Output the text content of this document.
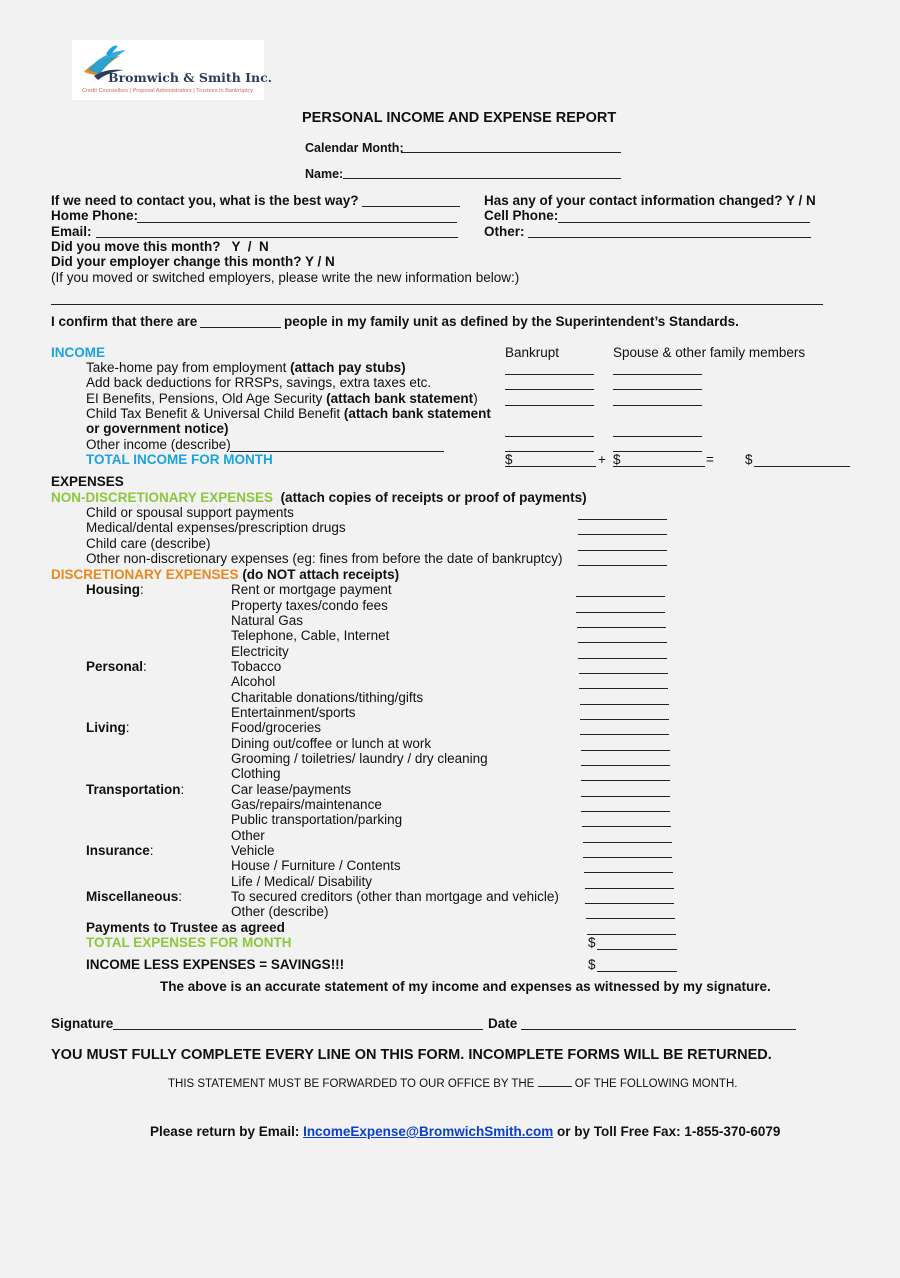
Bromwich & Smith Inc.
Credit Counsellors | Proposal Administrators | Trustees in Bankruptcy
PERSONAL INCOME AND EXPENSE REPORT
Calendar Month:
Name:
If we need to contact you, what is the best way?	Has any of your contact information changed? Y / N
Home Phone:	Cell Phone:
Email:	Other:
Did you move this month?   Y  /  N
Did your employer change this month? Y / N
(If you moved or switched employers, please write the new information below:)
I confirm that there are	people in my family unit as defined by the Superintendent’s Standards.
INCOME	Bankrupt	Spouse & other family members
Take-home pay from employment (attach pay stubs)
Add back deductions for RRSPs, savings, extra taxes etc.
EI Benefits, Pensions, Old Age Security (attach bank statement)
Child Tax Benefit & Universal Child Benefit (attach bank statement
or government notice)
Other income (describe)
TOTAL INCOME FOR MONTH	$	+ $	= $
EXPENSES
NON-DISCRETIONARY EXPENSES (attach copies of receipts or proof of payments)
Child or spousal support payments
Medical/dental expenses/prescription drugs
Child care (describe)
Other non-discretionary expenses (eg: fines from before the date of bankruptcy)
DISCRETIONARY EXPENSES (do NOT attach receipts)
Housing:	Rent or mortgage payment
Property taxes/condo fees
Natural Gas
Telephone, Cable, Internet
Electricity
Personal:	Tobacco
Alcohol
Charitable donations/tithing/gifts
Entertainment/sports
Living:	Food/groceries
Dining out/coffee or lunch at work
Grooming / toiletries/ laundry / dry cleaning
Clothing
Transportation:	Car lease/payments
Gas/repairs/maintenance
Public transportation/parking
Other
Insurance:	Vehicle
House / Furniture / Contents
Life / Medical/ Disability
Miscellaneous:	To secured creditors (other than mortgage and vehicle)
Other (describe)
Payments to Trustee as agreed
TOTAL EXPENSES FOR MONTH
INCOME LESS EXPENSES = SAVINGS!!!
$
$
The above is an accurate statement of my income and expenses as witnessed by my signature.
Signature	Date
YOU MUST FULLY COMPLETE EVERY LINE ON THIS FORM. INCOMPLETE FORMS WILL BE RETURNED.
THIS STATEMENT MUST BE FORWARDED TO OUR OFFICE BY THE	OF THE FOLLOWING MONTH.
Please return by Email: IncomeExpense@BromwichSmith.com or by Toll Free Fax: 1-855-370-6079
